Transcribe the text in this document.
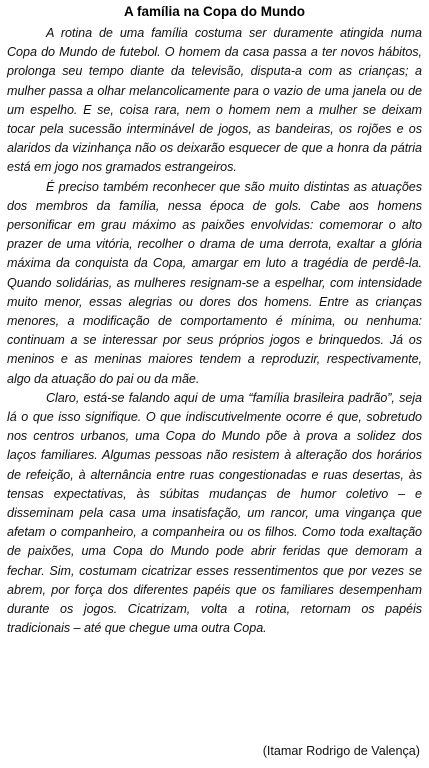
A família na Copa do Mundo

A rotina de uma família costuma ser duramente atingida numa Copa do Mundo de futebol. O homem da casa passa a ter novos hábitos, prolonga seu tempo diante da televisão, disputa-a com as crianças; a mulher passa a olhar melancolicamente para o vazio de uma janela ou de um espelho. E se, coisa rara, nem o homem nem a mulher se deixam tocar pela sucessão interminável de jogos, as bandeiras, os rojões e os alaridos da vizinhança não os deixarão esquecer de que a honra da pátria está em jogo nos gramados estrangeiros.

É preciso também reconhecer que são muito distintas as atuações dos membros da família, nessa época de gols. Cabe aos homens personificar em grau máximo as paixões envolvidas: comemorar o alto prazer de uma vitória, recolher o drama de uma derrota, exaltar a glória máxima da conquista da Copa, amargar em luto a tragédia de perdê-la. Quando solidárias, as mulheres resignam-se a espelhar, com intensidade muito menor, essas alegrias ou dores dos homens. Entre as crianças menores, a modificação de comportamento é mínima, ou nenhuma: continuam a se interessar por seus próprios jogos e brinquedos. Já os meninos e as meninas maiores tendem a reproduzir, respectivamente, algo da atuação do pai ou da mãe.

Claro, está-se falando aqui de uma “família brasileira padrão”, seja lá o que isso signifique. O que indiscutivelmente ocorre é que, sobretudo nos centros urbanos, uma Copa do Mundo põe à prova a solidez dos laços familiares. Algumas pessoas não resistem à alteração dos horários de refeição, à alternância entre ruas congestionadas e ruas desertas, às tensas expectativas, às súbitas mudanças de humor coletivo – e disseminam pela casa uma insatisfação, um rancor, uma vingança que afetam o companheiro, a companheira ou os filhos. Como toda exaltação de paixões, uma Copa do Mundo pode abrir feridas que demoram a fechar. Sim, costumam cicatrizar esses ressentimentos que por vezes se abrem, por força dos diferentes papéis que os familiares desempenham durante os jogos. Cicatrizam, volta a rotina, retornam os papéis tradicionais – até que chegue uma outra Copa.

(Itamar Rodrigo de Valença)
